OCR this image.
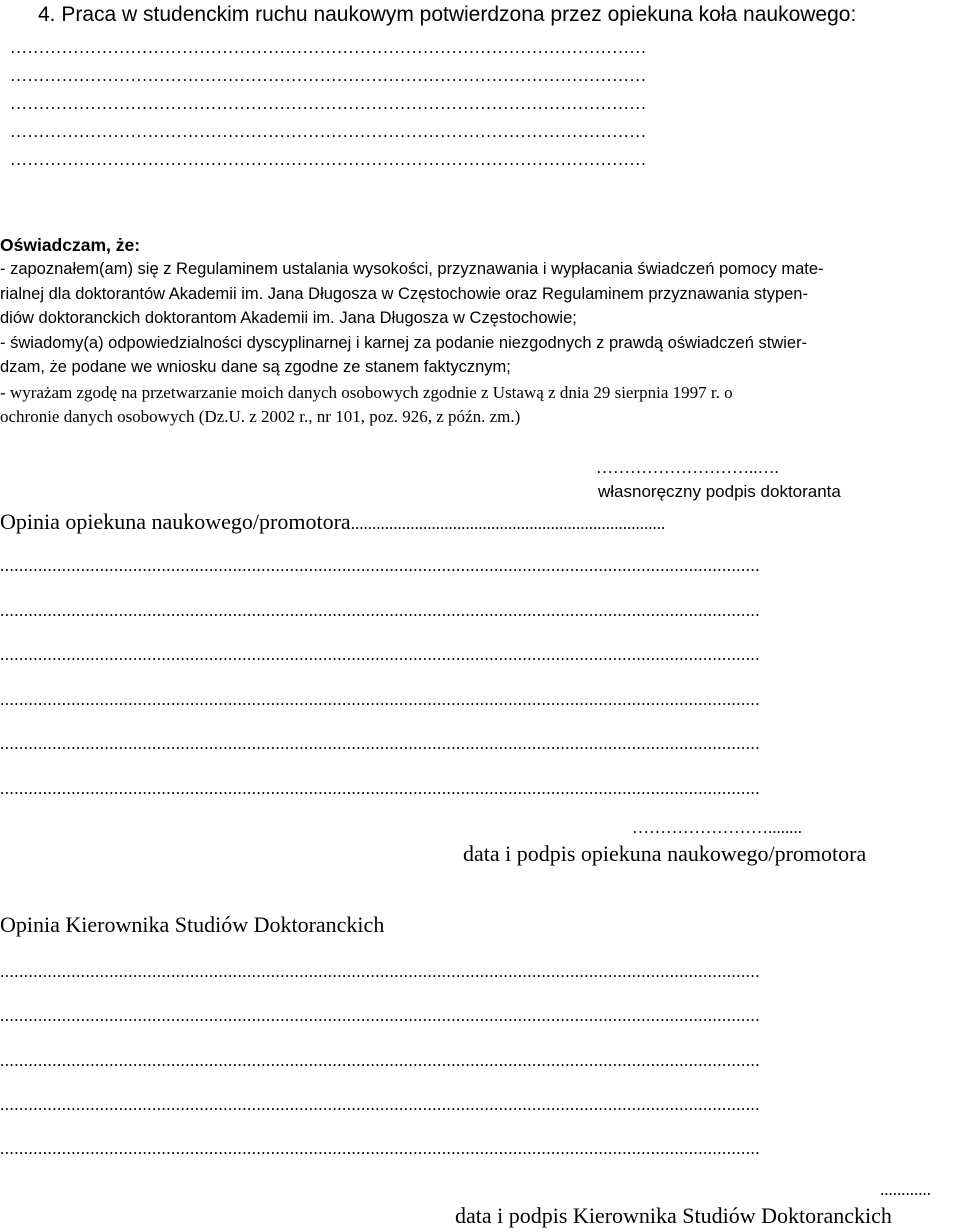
4. Praca w studenckim ruchu naukowym potwierdzona przez opiekuna koła naukowego:
…………………………………………………………………………………………………
…………………………………………………………………………………………………
…………………………………………………………………………………………………
…………………………………………………………………………………………………
…………………………………………………………………………………………………
Oświadczam, że:
- zapoznałem(am) się z Regulaminem ustalania wysokości, przyznawania i wypłacania świadczeń pomocy mate-
rialnej dla doktorantów Akademii im. Jana Długosza w Częstochowie oraz Regulaminem przyznawania stypen-
diów doktoranckich doktorantom Akademii im. Jana Długosza w Częstochowie;
- świadomy(a) odpowiedzialności dyscyplinarnej i karnej za podanie niezgodnych z prawdą oświadczeń stwier-
dzam, że podane we wniosku dane są zgodne ze stanem faktycznym;
- wyrażam zgodę na przetwarzanie moich danych osobowych zgodnie z Ustawą z dnia 29 sierpnia 1997 r. o
ochronie danych osobowych (Dz.U. z 2002 r., nr 101, poz. 926, z późn. zm.)
………………………..….
własnoręczny podpis doktoranta
Opinia opiekuna naukowego/promotora..........................................................................
................................................................................................................................................................
................................................................................................................................................................
................................................................................................................................................................
................................................................................................................................................................
................................................................................................................................................................
................................................................................................................................................................
……………………........
data i podpis opiekuna naukowego/promotora
Opinia Kierownika Studiów Doktoranckich
................................................................................................................................................................
................................................................................................................................................................
................................................................................................................................................................
................................................................................................................................................................
................................................................................................................................................................
............
data i podpis Kierownika Studiów Doktoranckich
